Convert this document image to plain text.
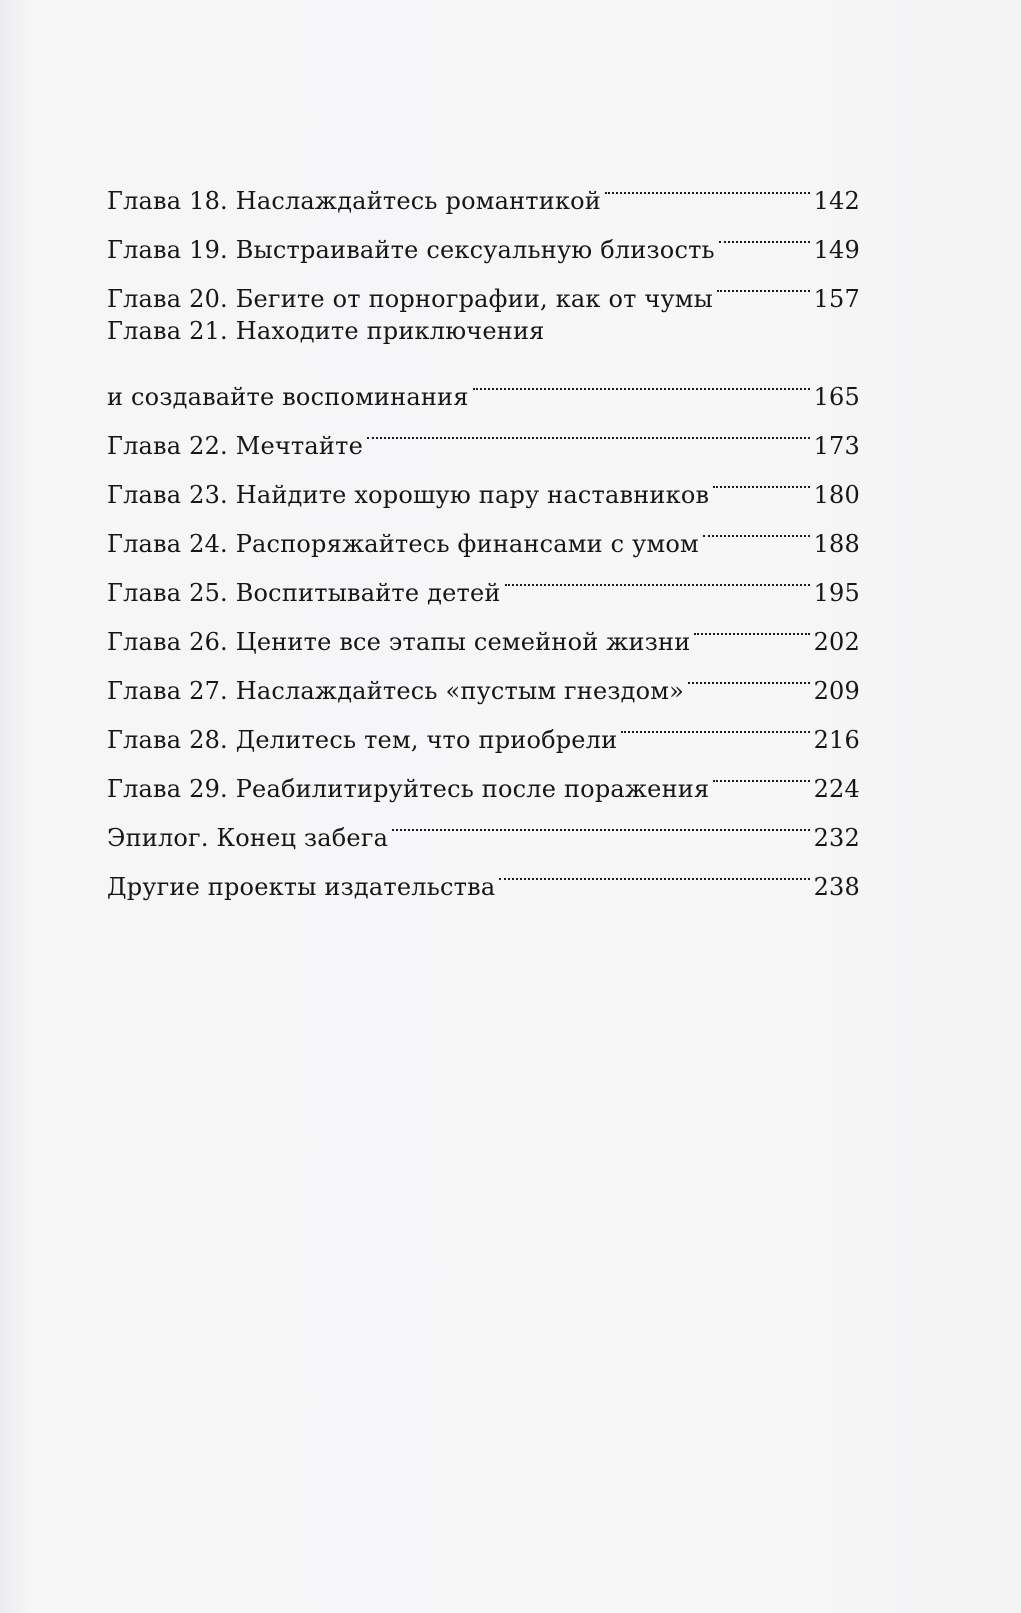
Глава 18. Наслаждайтесь романтикой	142
Глава 19. Выстраивайте сексуальную близость	149
Глава 20. Бегите от порнографии, как от чумы	157
Глава 21. Находите приключения
и создавайте воспоминания	165
Глава 22. Мечтайте	173
Глава 23. Найдите хорошую пару наставников	180
Глава 24. Распоряжайтесь финансами с умом	188
Глава 25. Воспитывайте детей	195
Глава 26. Цените все этапы семейной жизни	202
Глава 27. Наслаждайтесь «пустым гнездом»	209
Глава 28. Делитесь тем, что приобрели	216
Глава 29. Реабилитируйтесь после поражения	224
Эпилог. Конец забега	232
Другие проекты издательства	238
